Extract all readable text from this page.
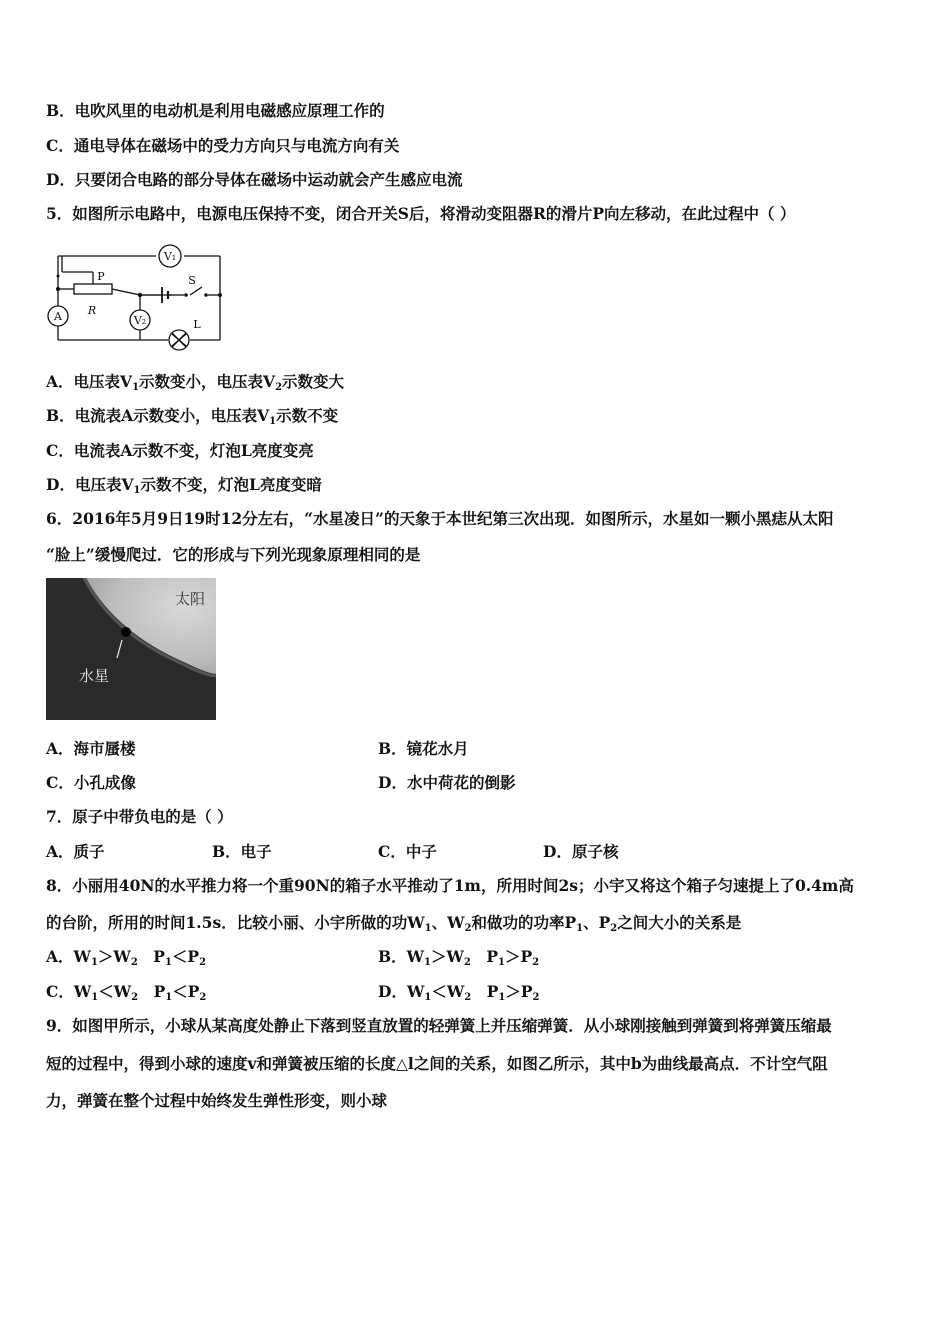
B．电吹风里的电动机是利用电磁感应原理工作的
C．通电导体在磁场中的受力方向只与电流方向有关
D．只要闭合电路的部分导体在磁场中运动就会产生感应电流
5．如图所示电路中，电源电压保持不变，闭合开关S后，将滑动变阻器R的滑片P向左移动，在此过程中（ ）
V₁
A	V₂
P
R
S
L
A．电压表$V_1$示数变小，电压表$V_2$示数变大
B．电流表A示数变小，电压表$V_1$示数不变
C．电流表A示数不变，灯泡L亮度变亮
D．电压表$V_1$示数不变，灯泡L亮度变暗
6．2016年5月9日19时12分左右，“水星凌日”的天象于本世纪第三次出现．如图所示，水星如一颗小黑痣从太阳
“脸上”缓慢爬过．它的形成与下列光现象原理相同的是
太阳
水星
A．海市蜃楼	B．镜花水月
C．小孔成像	D．水中荷花的倒影
7．原子中带负电的是（ ）
A．质子	B．电子	C．中子	D．原子核
8．小丽用40N的水平推力将一个重90N的箱子水平推动了1m，所用时间2s；小宇又将这个箱子匀速提上了0.4m高
的台阶，所用的时间1.5s．比较小丽、小宇所做的功$W_1$、$W_2$和做功的功率$P_1$、$P_2$之间大小的关系是
A．$W_1>W_2$　$P_1<P_2$	B．$W_1>W_2$　$P_1>P_2$
C．$W_1<W_2$　$P_1<P_2$	D．$W_1<W_2$　$P_1>P_2$
9．如图甲所示，小球从某高度处静止下落到竖直放置的轻弹簧上并压缩弹簧．从小球刚接触到弹簧到将弹簧压缩最
短的过程中，得到小球的速度v和弹簧被压缩的长度△l之间的关系，如图乙所示，其中b为曲线最高点．不计空气阻
力，弹簧在整个过程中始终发生弹性形变，则小球
